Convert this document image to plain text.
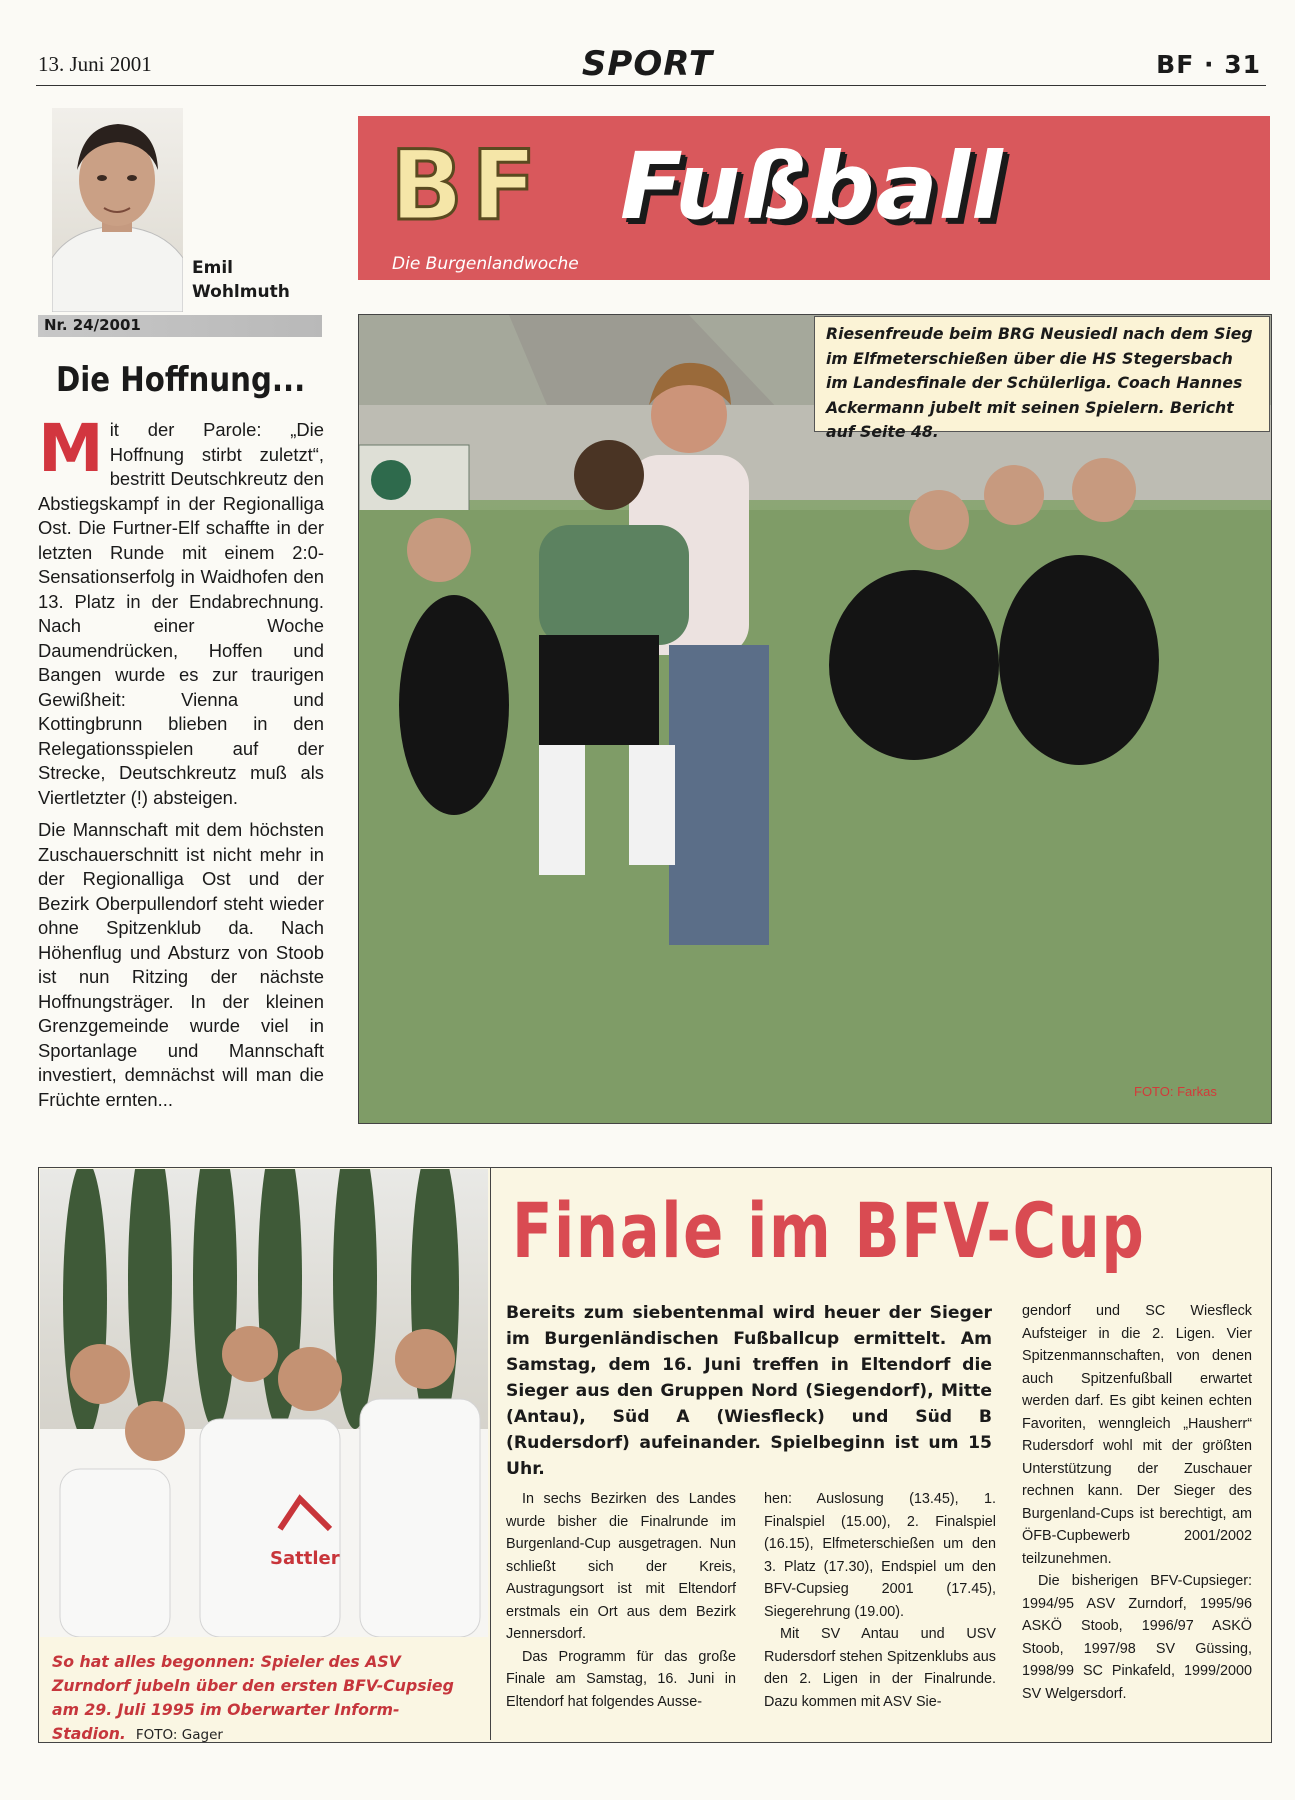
13. Juni 2001	SPORT	BF · 31
Emil
Wohlmuth
Nr. 24/2001
Die Hoffnung...

Mit der Parole: „Die Hoffnung stirbt zuletzt“, bestritt Deutschkreutz den Abstiegskampf in der Regionalliga Ost. Die Furtner-Elf schaffte in der letzten Runde mit einem 2:0-Sensationserfolg in Waidhofen den 13. Platz in der Endabrechnung. Nach einer Woche Daumendrücken, Hoffen und Bangen wurde es zur traurigen Gewißheit: Vienna und Kottingbrunn blieben in den Relegationsspielen auf der Strecke, Deutschkreutz muß als Viertletzter (!) absteigen.

Die Mannschaft mit dem höchsten Zuschauerschnitt ist nicht mehr in der Regionalliga Ost und der Bezirk Oberpullendorf steht wieder ohne Spitzenklub da. Nach Höhenflug und Absturz von Stoob ist nun Ritzing der nächste Hoffnungsträger. In der kleinen Grenzgemeinde wurde viel in Sportanlage und Mannschaft investiert, demnächst will man die Früchte ernten...

BF Fußball
Die Burgenlandwoche
Riesenfreude beim BRG Neusiedl nach dem Sieg im Elfmeterschießen über die HS Stegersbach im Landesfinale der Schülerliga. Coach Hannes Ackermann jubelt mit seinen Spielern. Bericht auf Seite 48.
FOTO: Farkas
Sattler
So hat alles begonnen: Spieler des ASV Zurndorf jubeln über den ersten BFV-Cupsieg am 29. Juli 1995 im Oberwarter Inform-Stadion. FOTO: Gager
Finale im BFV-Cup
Bereits zum siebentenmal wird heuer der Sieger im Burgenländischen Fußballcup ermittelt. Am Samstag, dem 16. Juni treffen in Eltendorf die Sieger aus den Gruppen Nord (Siegendorf), Mitte (Antau), Süd A (Wiesfleck) und Süd B (Rudersdorf) aufeinander. Spielbeginn ist um 15 Uhr.

In sechs Bezirken des Landes wurde bisher die Finalrunde im Burgenland-Cup ausgetragen. Nun schließt sich der Kreis, Austragungsort ist mit Eltendorf erstmals ein Ort aus dem Bezirk Jennersdorf.

Das Programm für das große Finale am Samstag, 16. Juni in Eltendorf hat folgendes Ausse-

hen: Auslosung (13.45), 1. Finalspiel (15.00), 2. Finalspiel (16.15), Elfmeterschießen um den 3. Platz (17.30), Endspiel um den BFV-Cupsieg 2001 (17.45), Siegerehrung (19.00).

Mit SV Antau und USV Rudersdorf stehen Spitzenklubs aus den 2. Ligen in der Finalrunde. Dazu kommen mit ASV Sie-

gendorf und SC Wiesfleck Aufsteiger in die 2. Ligen. Vier Spitzenmannschaften, von denen auch Spitzenfußball erwartet werden darf. Es gibt keinen echten Favoriten, wenngleich „Hausherr“ Rudersdorf wohl mit der größten Unterstützung der Zuschauer rechnen kann. Der Sieger des Burgenland-Cups ist berechtigt, am ÖFB-Cupbewerb 2001/2002 teilzunehmen.

Die bisherigen BFV-Cupsieger: 1994/95 ASV Zurndorf, 1995/96 ASKÖ Stoob, 1996/97 ASKÖ Stoob, 1997/98 SV Güssing, 1998/99 SC Pinkafeld, 1999/2000 SV Welgersdorf.
